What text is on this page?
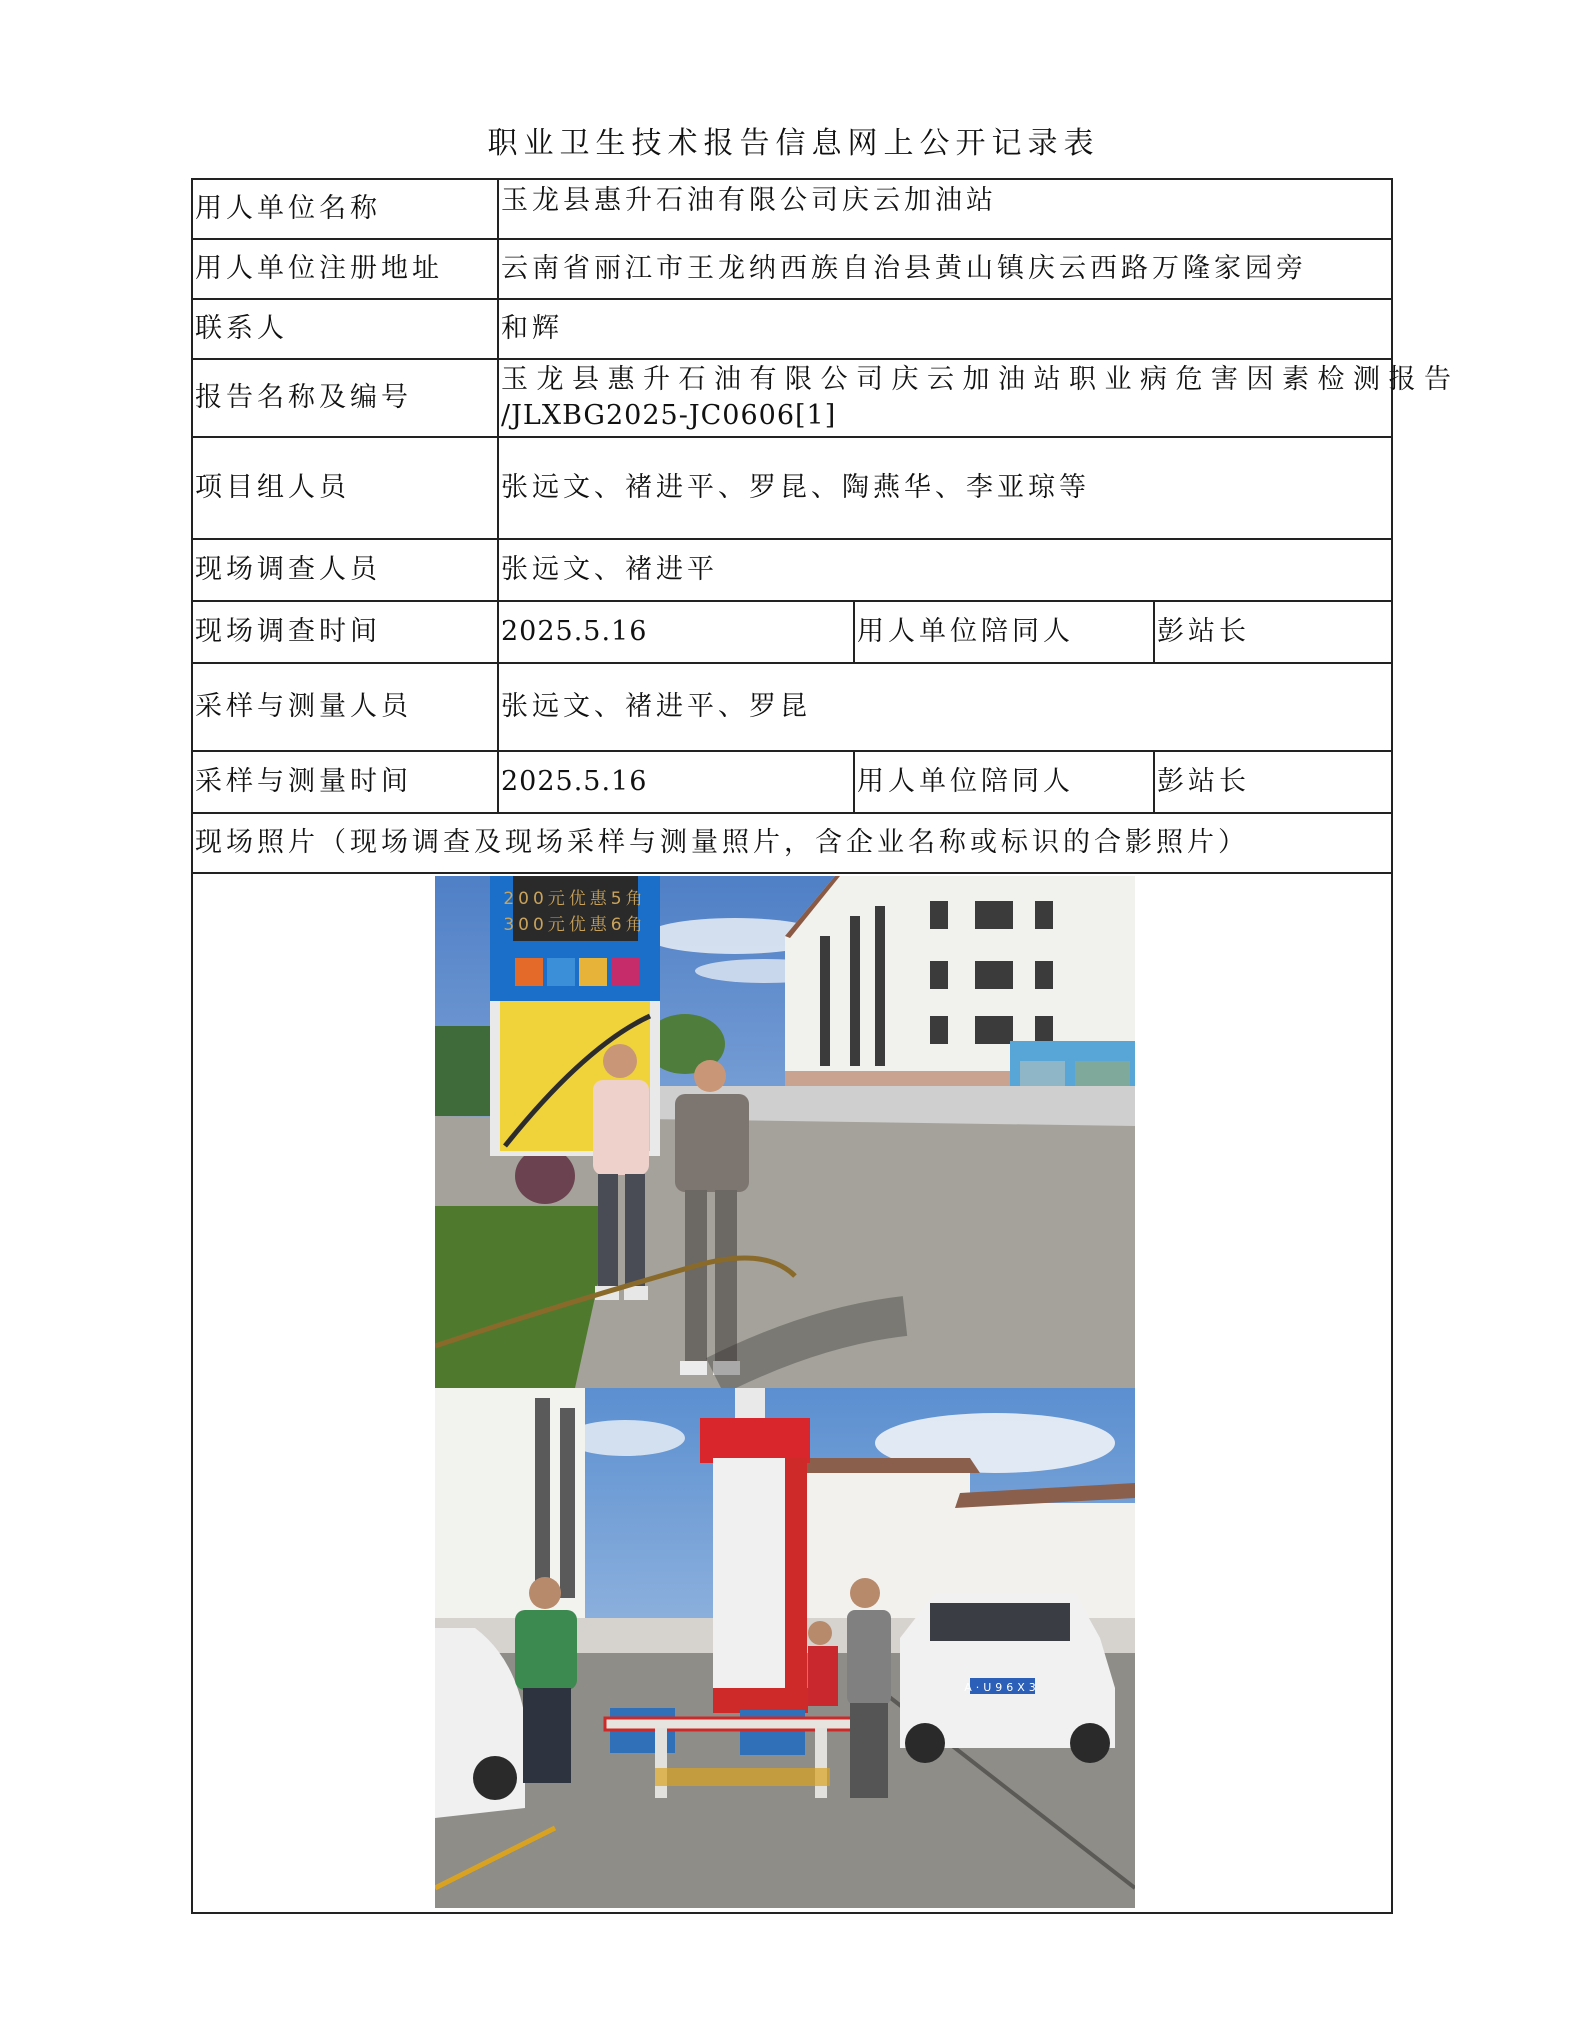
职业卫生技术报告信息网上公开记录表
用人单位名称	玉龙县惠升石油有限公司庆云加油站		
用人单位注册地址	云南省丽江市王龙纳西族自治县黄山镇庆云西路万隆家园旁		
联系人	和辉		
报告名称及编号	玉龙县惠升石油有限公司庆云加油站职业病危害因素检测报告
/JLXBG2025-JC0606[1]		

项目组人员	张远文、褚进平、罗昆、陶燕华、李亚琼等		
现场调查人员	张远文、褚进平		
现场调查时间	2025.5.16	用人单位陪同人	彭站长
采样与测量人员	张远文、褚进平、罗昆		
采样与测量时间	2025.5.16	用人单位陪同人	彭站长
现场照片（现场调查及现场采样与测量照片，含企业名称或标识的合影照片）			

200元优惠5角
300元优惠6角
A·U96X3			
